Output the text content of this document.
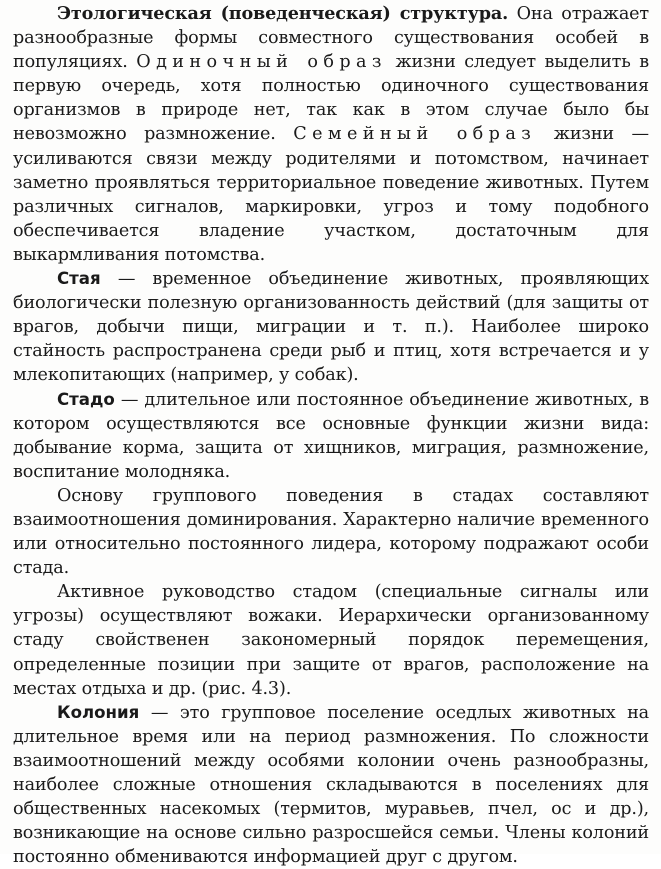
Этологическая (поведенческая) структура. Она отражает разнообразные формы совместного существования особей в популяциях. Одиночный образ жизни следует выделить в первую очередь, хотя полностью одиночного существования организмов в природе нет, так как в этом случае было бы невозможно размножение. Семейный образ жизни — усиливаются связи между родителями и потомством, начинает заметно проявляться территориальное поведение животных. Путем различных сигналов, маркировки, угроз и тому подобного обеспечивается владение участком, достаточным для выкармливания потомства.

Стая — временное объединение животных, проявляющих биологически полезную организованность действий (для защиты от врагов, добычи пищи, миграции и т. п.). Наиболее широко стайность распространена среди рыб и птиц, хотя встречается и у млекопитающих (например, у собак).

Стадо — длительное или постоянное объединение животных, в котором осуществляются все основные функции жизни вида: добывание корма, защита от хищников, миграция, размножение, воспитание молодняка.

Основу группового поведения в стадах составляют взаимоотношения доминирования. Характерно наличие временного или относительно постоянного лидера, которому подражают особи стада.

Активное руководство стадом (специальные сигналы или угрозы) осуществляют вожаки. Иерархически организованному стаду свойственен закономерный порядок перемещения, определенные позиции при защите от врагов, расположение на местах отдыха и др. (рис. 4.3).

Колония — это групповое поселение оседлых животных на длительное время или на период размножения. По сложности взаимоотношений между особями колонии очень разнообразны, наиболее сложные отношения складываются в поселениях для общественных насекомых (термитов, муравьев, пчел, ос и др.), возникающие на основе сильно разросшейся семьи. Члены колоний постоянно обмениваются информацией друг с другом.
